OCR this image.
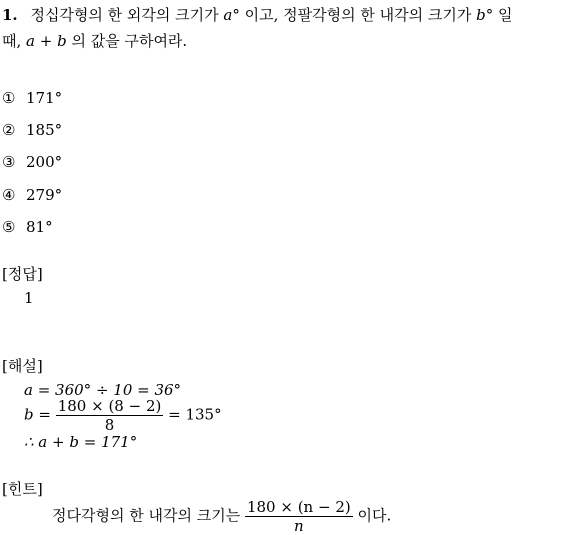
1. 정십각형의 한 외각의 크기가 a° 이고, 정팔각형의 한 내각의 크기가 b° 일
때, a + b 의 값을 구하여라.
① 171°
② 185°
③ 200°
④ 279°
⑤ 81°
[정답]
1
[해설]
a = 360° ÷ 10 = 36°
$b = \frac{180 \times (8 - 2)}{8} = 135^\circ$
∴ a + b = 171°
[힌트]
정다각형의 한 내각의 크기는 $\frac{180 \times (n - 2)}{n}$ 이다.
